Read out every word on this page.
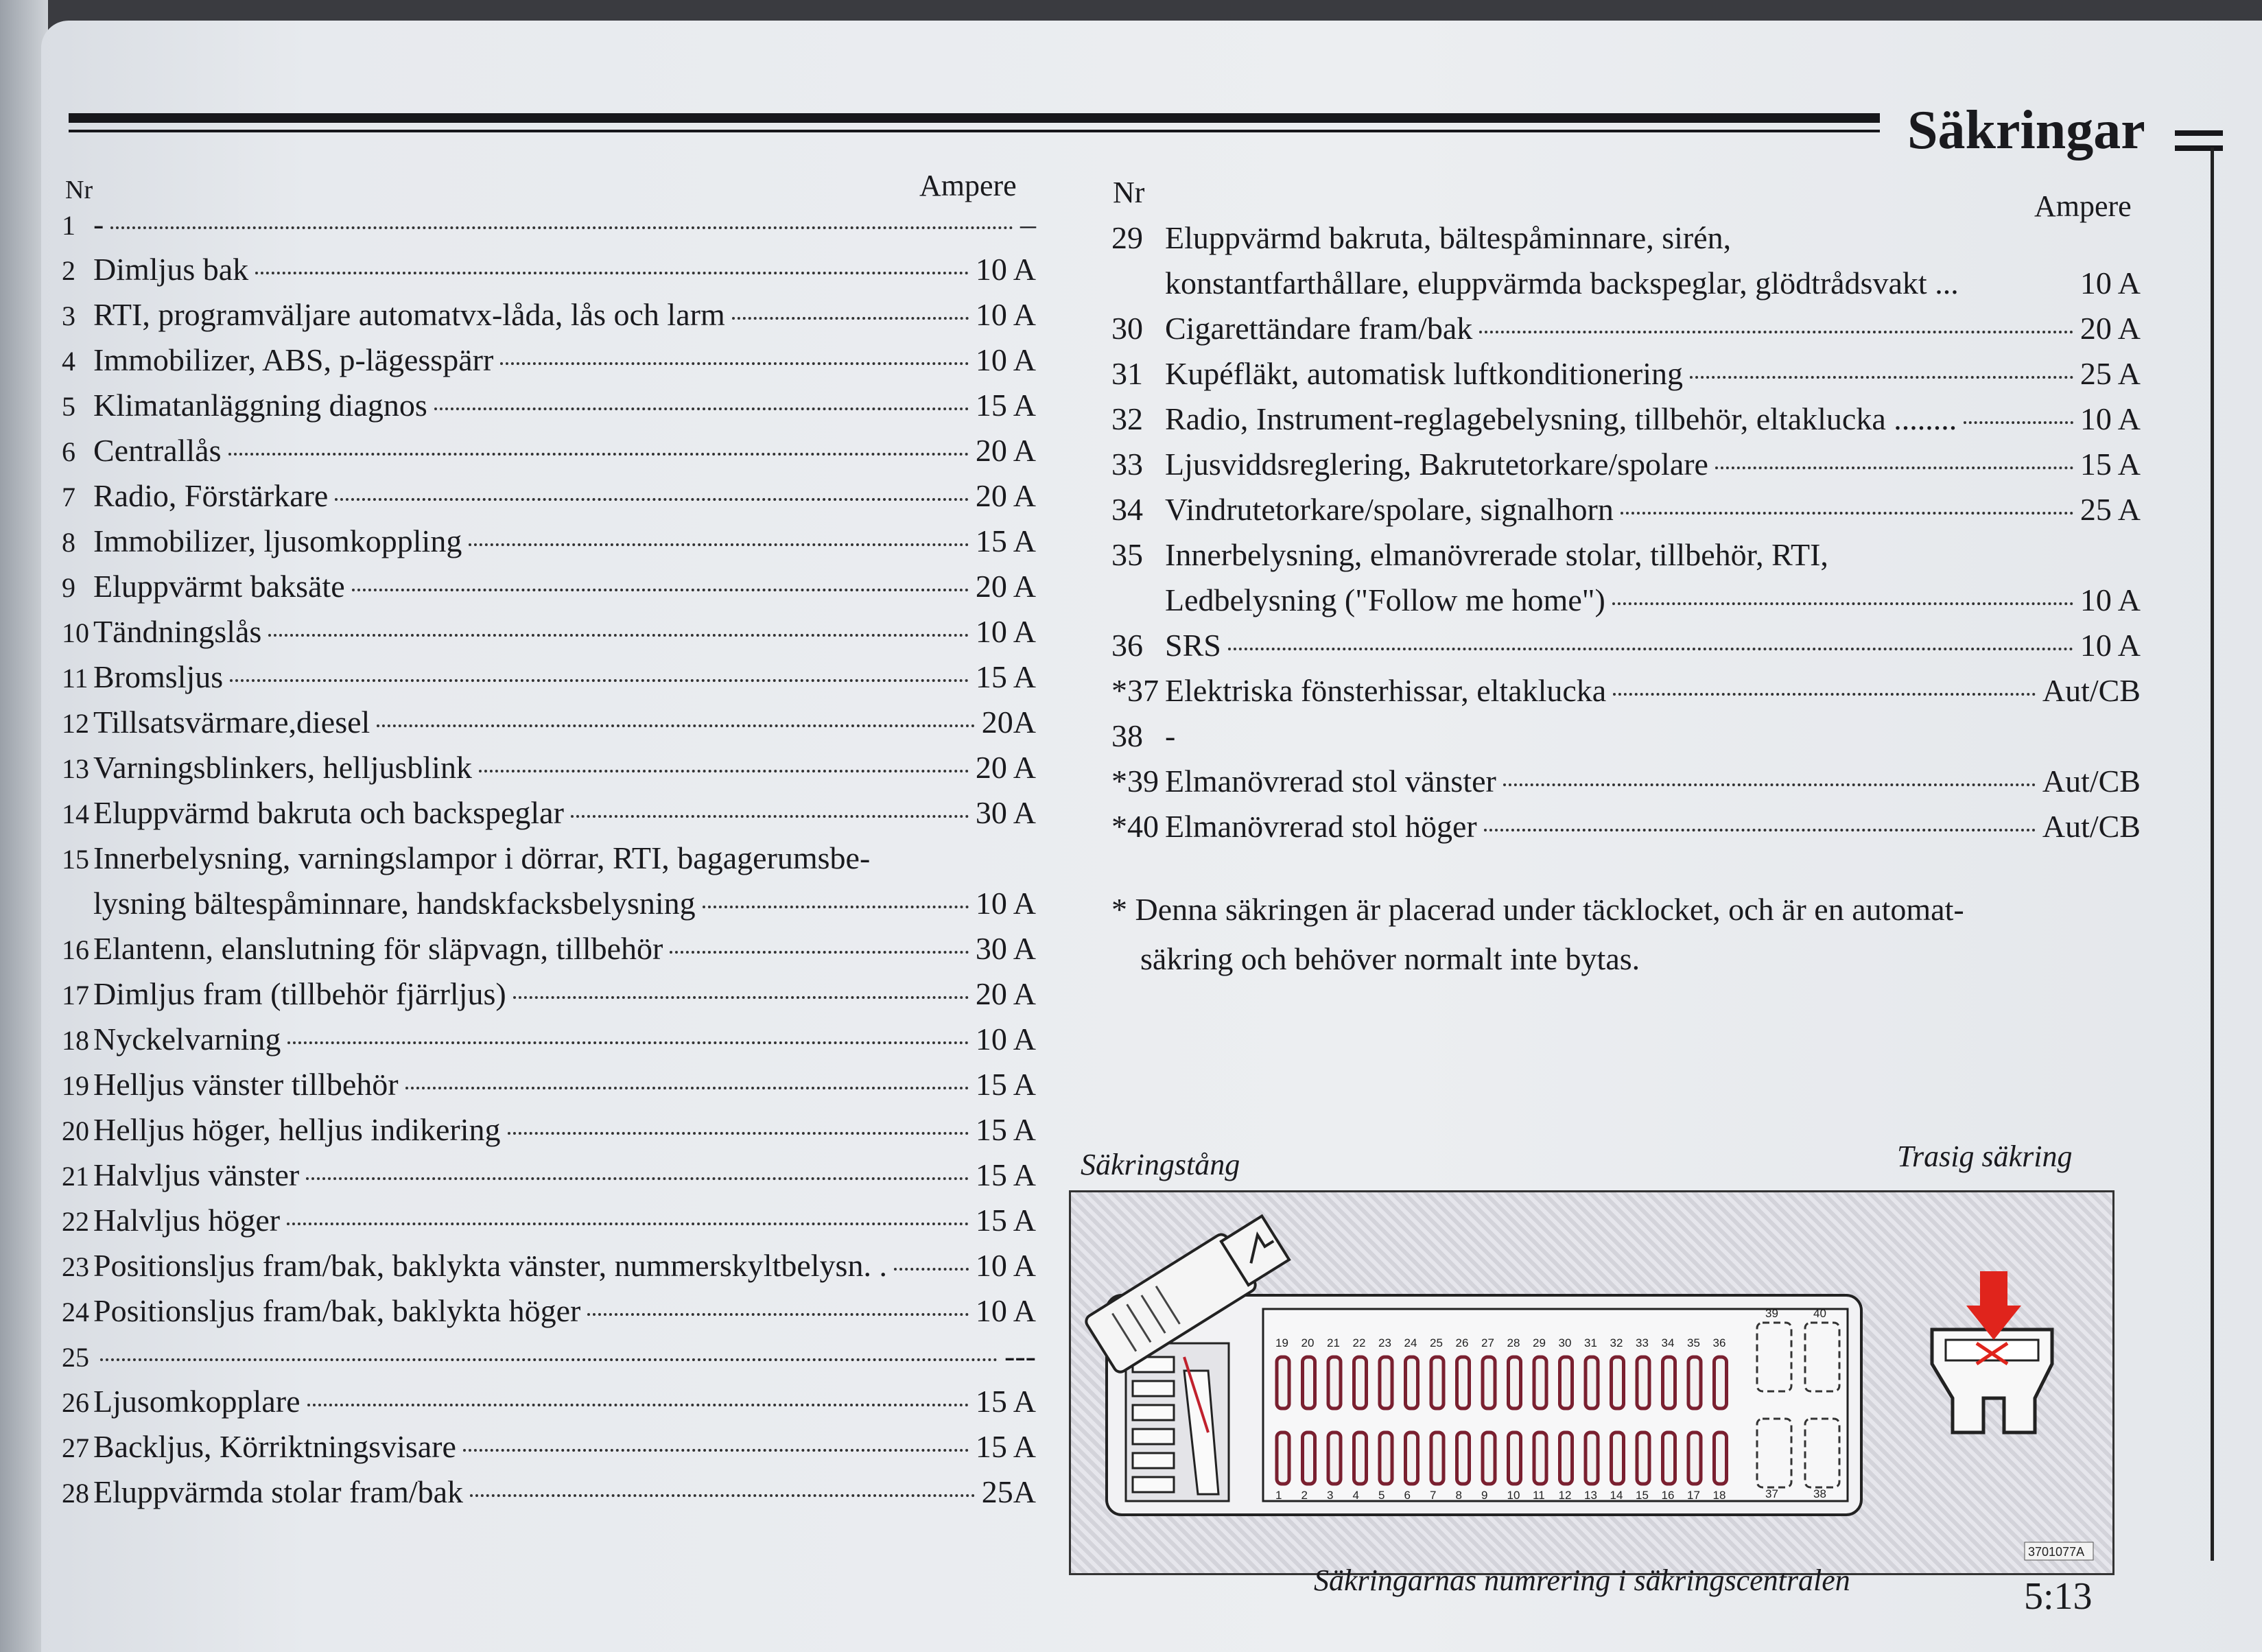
Säkringar
Nr	Ampere
1 -	–
2 Dimljus bak	10 A
3 RTI, programväljare automatvx-låda, lås och larm	10 A
4 Immobilizer, ABS, p-lägesspärr	10 A
5 Klimatanläggning diagnos	15 A
6 Centrallås	20 A
7 Radio, Förstärkare	20 A
8 Immobilizer, ljusomkoppling	15 A
9 Eluppvärmt baksäte	20 A
10 Tändningslås	10 A
11 Bromsljus	15 A
12 Tillsatsvärmare,diesel	20A
13 Varningsblinkers, helljusblink	20 A
14 Eluppvärmd bakruta och backspeglar	30 A
15 Innerbelysning, varningslampor i dörrar, RTI, bagagerumsbe-
lysning bältespåminnare, handskfacksbelysning	10 A
16 Elantenn, elanslutning för släpvagn, tillbehör	30 A
17 Dimljus fram (tillbehör fjärrljus)	20 A
18 Nyckelvarning	10 A
19 Helljus vänster tillbehör	15 A
20 Helljus höger, helljus indikering	15 A
21 Halvljus vänster	15 A
22 Halvljus höger	15 A
23 Positionsljus fram/bak, baklykta vänster, nummerskyltbelysn. .	10 A
24 Positionsljus fram/bak, baklykta höger	10 A
25	---
26 Ljusomkopplare	15 A
27 Backljus, Körriktningsvisare	15 A
28 Eluppvärmda stolar fram/bak	25A
Nr	Ampere
29 Eluppvärmd bakruta, bältespåminnare, sirén,
konstantfarthållare, eluppvärmda backspeglar, glödtrådsvakt ...	10 A
30 Cigarettändare fram/bak	20 A
31 Kupéfläkt, automatisk luftkonditionering	25 A
32 Radio, Instrument-reglagebelysning, tillbehör, eltaklucka ........	10 A
33 Ljusviddsreglering, Bakrutetorkare/spolare	15 A
34 Vindrutetorkare/spolare, signalhorn	25 A
35 Innerbelysning, elmanövrerade stolar, tillbehör, RTI,
Ledbelysning ("Follow me home")	10 A
36 SRS	10 A
*37 Elektriska fönsterhissar, eltaklucka	Aut/CB
38 -
*39 Elmanövrerad stol vänster	Aut/CB
*40 Elmanövrerad stol höger	Aut/CB
* Denna säkringen är placerad under täcklocket, och är en automat-
säkring och behöver normalt inte bytas.
Säkringstång	Trasig säkring
19 20 21 22 23 24 25 26 27 28 29 30 31 32 33 34 35 36
1 2 3 4 5 6 7 8 9 10 11 12 13 14 15 16 17 18
39	40
37	38
3701077A
Säkringarnas numrering i säkringscentralen	5:13
